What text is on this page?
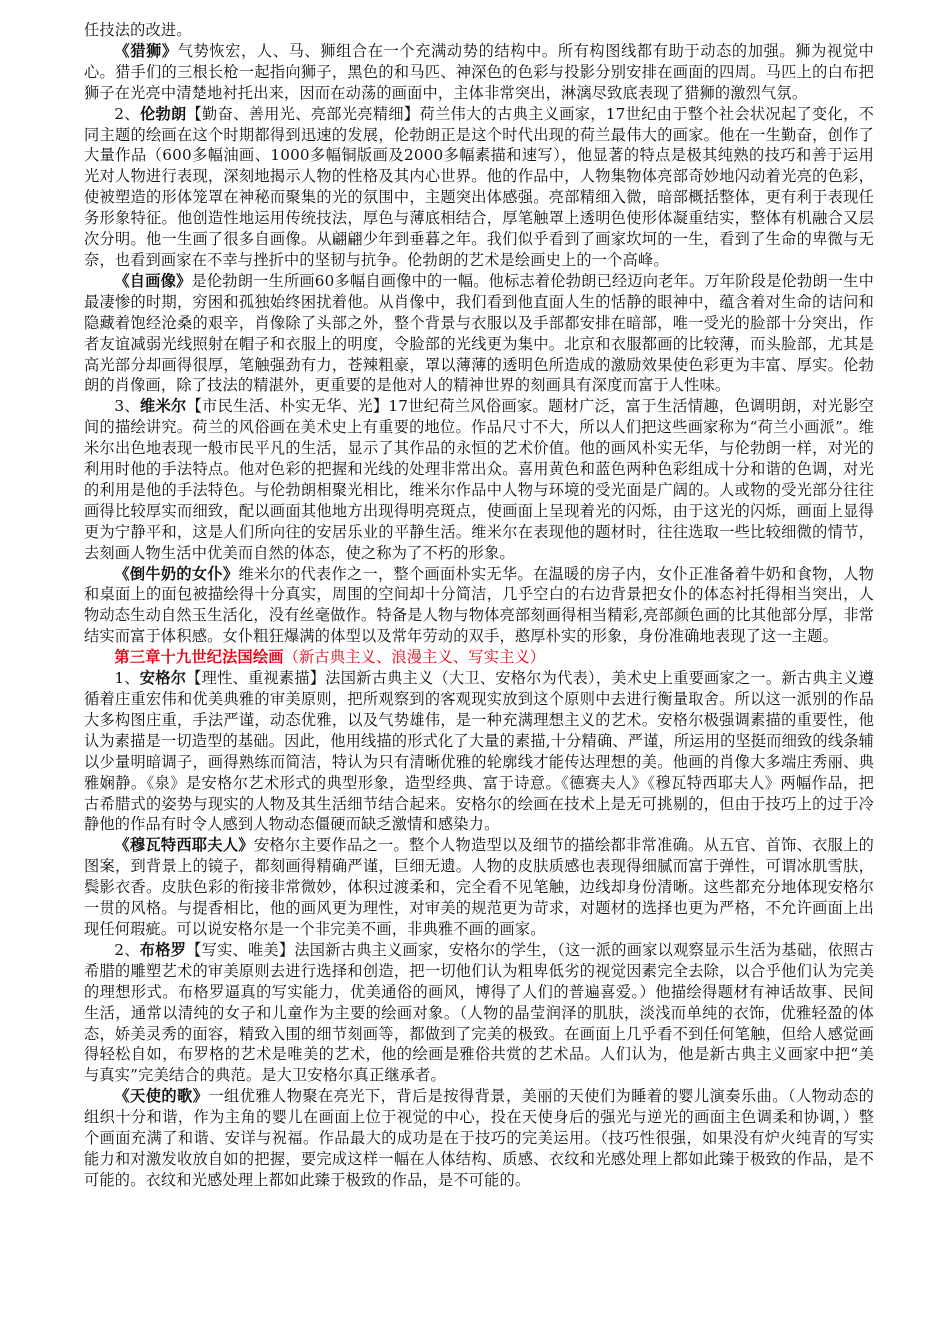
任技法的改进。

《猎狮》气势恢宏，人、马、狮组合在一个充满动势的结构中。所有构图线都有助于动态的加强。狮为视觉中心。猎手们的三根长枪一起指向狮子，黑色的和马匹、神深色的色彩与投影分别安排在画面的四周。马匹上的白布把狮子在光亮中清楚地衬托出来，因而在动荡的画面中，主体非常突出，淋漓尽致底表现了猎狮的激烈气氛。

2、伦勃朗【勤奋、善用光、亮部光亮精细】荷兰伟大的古典主义画家，17世纪由于整个社会状况起了变化，不同主题的绘画在这个时期都得到迅速的发展，伦勃朗正是这个时代出现的荷兰最伟大的画家。他在一生勤奋，创作了大量作品（600多幅油画、1000多幅铜版画及2000多幅素描和速写），他显著的特点是极其纯熟的技巧和善于运用光对人物进行表现，深刻地揭示人物的性格及其内心世界。他的作品中，人物集物体亮部奇妙地闪动着光亮的色彩，使被塑造的形体笼罩在神秘而聚集的光的氛围中，主题突出体感强。亮部精细入微，暗部概括整体，更有利于表现任务形象特征。他创造性地运用传统技法，厚色与薄底相结合，厚笔触罩上透明色使形体凝重结实，整体有机融合又层次分明。他一生画了很多自画像。从翩翩少年到垂暮之年。我们似乎看到了画家坎坷的一生，看到了生命的卑微与无奈，也看到画家在不幸与挫折中的坚韧与抗争。伦勃朗的艺术是绘画史上的一个高峰。

《自画像》是伦勃朗一生所画60多幅自画像中的一幅。他标志着伦勃朗已经迈向老年。万年阶段是伦勃朗一生中最凄惨的时期，穷困和孤独始终困扰着他。从肖像中，我们看到他直面人生的恬静的眼神中，蕴含着对生命的诘问和隐藏着饱经沧桑的艰辛，肖像除了头部之外，整个背景与衣服以及手部都安排在暗部，唯一受光的脸部十分突出，作者友谊减弱光线照射在帽子和衣服上的明度，令脸部的光线更为集中。北京和衣服都画的比较薄，而头脸部，尤其是高光部分却画得很厚，笔触强劲有力，苍辣粗豪，罩以薄薄的透明色所造成的激励效果使色彩更为丰富、厚实。伦勃朗的肖像画，除了技法的精湛外，更重要的是他对人的精神世界的刻画具有深度而富于人性味。

3、维米尔【市民生活、朴实无华、光】17世纪荷兰风俗画家。题材广泛，富于生活情趣，色调明朗，对光影空间的描绘讲究。荷兰的风俗画在美术史上有重要的地位。作品尺寸不大，所以人们把这些画家称为“荷兰小画派”。维米尔出色地表现一般市民平凡的生活，显示了其作品的永恒的艺术价值。他的画风朴实无华，与伦勃朗一样，对光的利用时他的手法特点。他对色彩的把握和光线的处理非常出众。喜用黄色和蓝色两种色彩组成十分和谐的色调，对光的利用是他的手法特色。与伦勃朗相聚光相比，维米尔作品中人物与环境的受光面是广阔的。人或物的受光部分往往画得比较厚实而细致，配以画面其他地方出现得明亮斑点，使画面上呈现着光的闪烁，由于这光的闪烁，画面上显得更为宁静平和，这是人们所向往的安居乐业的平静生活。维米尔在表现他的题材时，往往选取一些比较细微的情节，去刻画人物生活中优美而自然的体态，使之称为了不朽的形象。

《倒牛奶的女仆》维米尔的代表作之一，整个画面朴实无华。在温暖的房子内，女仆正准备着牛奶和食物，人物和桌面上的面包被描绘得十分真实，周围的空间却十分简洁，几乎空白的右边背景把女仆的体态衬托得相当突出，人物动态生动自然玉生活化，没有丝毫做作。特备是人物与物体亮部刻画得相当精彩,亮部颜色画的比其他部分厚，非常结实而富于体积感。女仆粗狂爆满的体型以及常年劳动的双手，憨厚朴实的形象，身份准确地表现了这一主题。

第三章十九世纪法国绘画（新古典主义、浪漫主义、写实主义）

1、安格尔【理性、重视素描】法国新古典主义（大卫、安格尔为代表），美术史上重要画家之一。新古典主义遵循着庄重宏伟和优美典雅的审美原则，把所观察到的客观现实放到这个原则中去进行衡量取舍。所以这一派别的作品大多构图庄重，手法严谨，动态优雅，以及气势雄伟，是一种充满理想主义的艺术。安格尔极强调素描的重要性，他认为素描是一切造型的基础。因此，他用线描的形式化了大量的素描,十分精确、严谨，所运用的坚挺而细致的线条辅以少量明暗调子，画得熟练而简洁，特认为只有清晰优雅的轮廓线才能传达理想的美。他画的肖像大多端庄秀丽、典雅娴静。《泉》是安格尔艺术形式的典型形象，造型经典、富于诗意。《德赛夫人》《穆瓦特西耶夫人》两幅作品，把古希腊式的姿势与现实的人物及其生活细节结合起来。安格尔的绘画在技术上是无可挑剔的，但由于技巧上的过于冷静他的作品有时令人感到人物动态僵硬而缺乏激情和感染力。

《穆瓦特西耶夫人》安格尔主要作品之一。整个人物造型以及细节的描绘都非常准确。从五官、首饰、衣服上的图案，到背景上的镜子，都刻画得精确严谨，巨细无遗。人物的皮肤质感也表现得细腻而富于弹性，可谓冰肌雪肤，鬓影衣香。皮肤色彩的衔接非常微妙，体积过渡柔和，完全看不见笔触，边线却身份清晰。这些都充分地体现安格尔一贯的风格。与提香相比，他的画风更为理性，对审美的规范更为苛求，对题材的选择也更为严格，不允许画面上出现任何瑕疵。可以说安格尔是一个非完美不画，非典雅不画的画家。

2、布格罗【写实、唯美】法国新古典主义画家，安格尔的学生，（这一派的画家以观察显示生活为基础，依照古希腊的雕塑艺术的审美原则去进行选择和创造，把一切他们认为粗卑低劣的视觉因素完全去除，以合乎他们认为完美的理想形式。布格罗逼真的写实能力，优美通俗的画风，博得了人们的普遍喜爱。）他描绘得题材有神话故事、民间生活，通常以清纯的女子和儿童作为主要的绘画对象。（人物的晶莹润泽的肌肤，淡浅而单纯的衣饰，优雅轻盈的体态，娇美灵秀的面容，精致入围的细节刻画等，都做到了完美的极致。在画面上几乎看不到任何笔触，但给人感觉画得轻松自如，布罗格的艺术是唯美的艺术，他的绘画是雅俗共赏的艺术品。人们认为，他是新古典主义画家中把“美与真实”完美结合的典范。是大卫安格尔真正继承者。

《天使的歌》一组优雅人物聚在亮光下，背后是按得背景，美丽的天使们为睡着的婴儿演奏乐曲。（人物动态的组织十分和谐，作为主角的婴儿在画面上位于视觉的中心，投在天使身后的强光与逆光的画面主色调柔和协调，）整个画面充满了和谐、安详与祝福。作品最大的成功是在于技巧的完美运用。（技巧性很强，如果没有炉火纯青的写实能力和对激发收放自如的把握，要完成这样一幅在人体结构、质感、衣纹和光感处理上都如此臻于极致的作品，是不可能的。衣纹和光感处理上都如此臻于极致的作品，是不可能的。
